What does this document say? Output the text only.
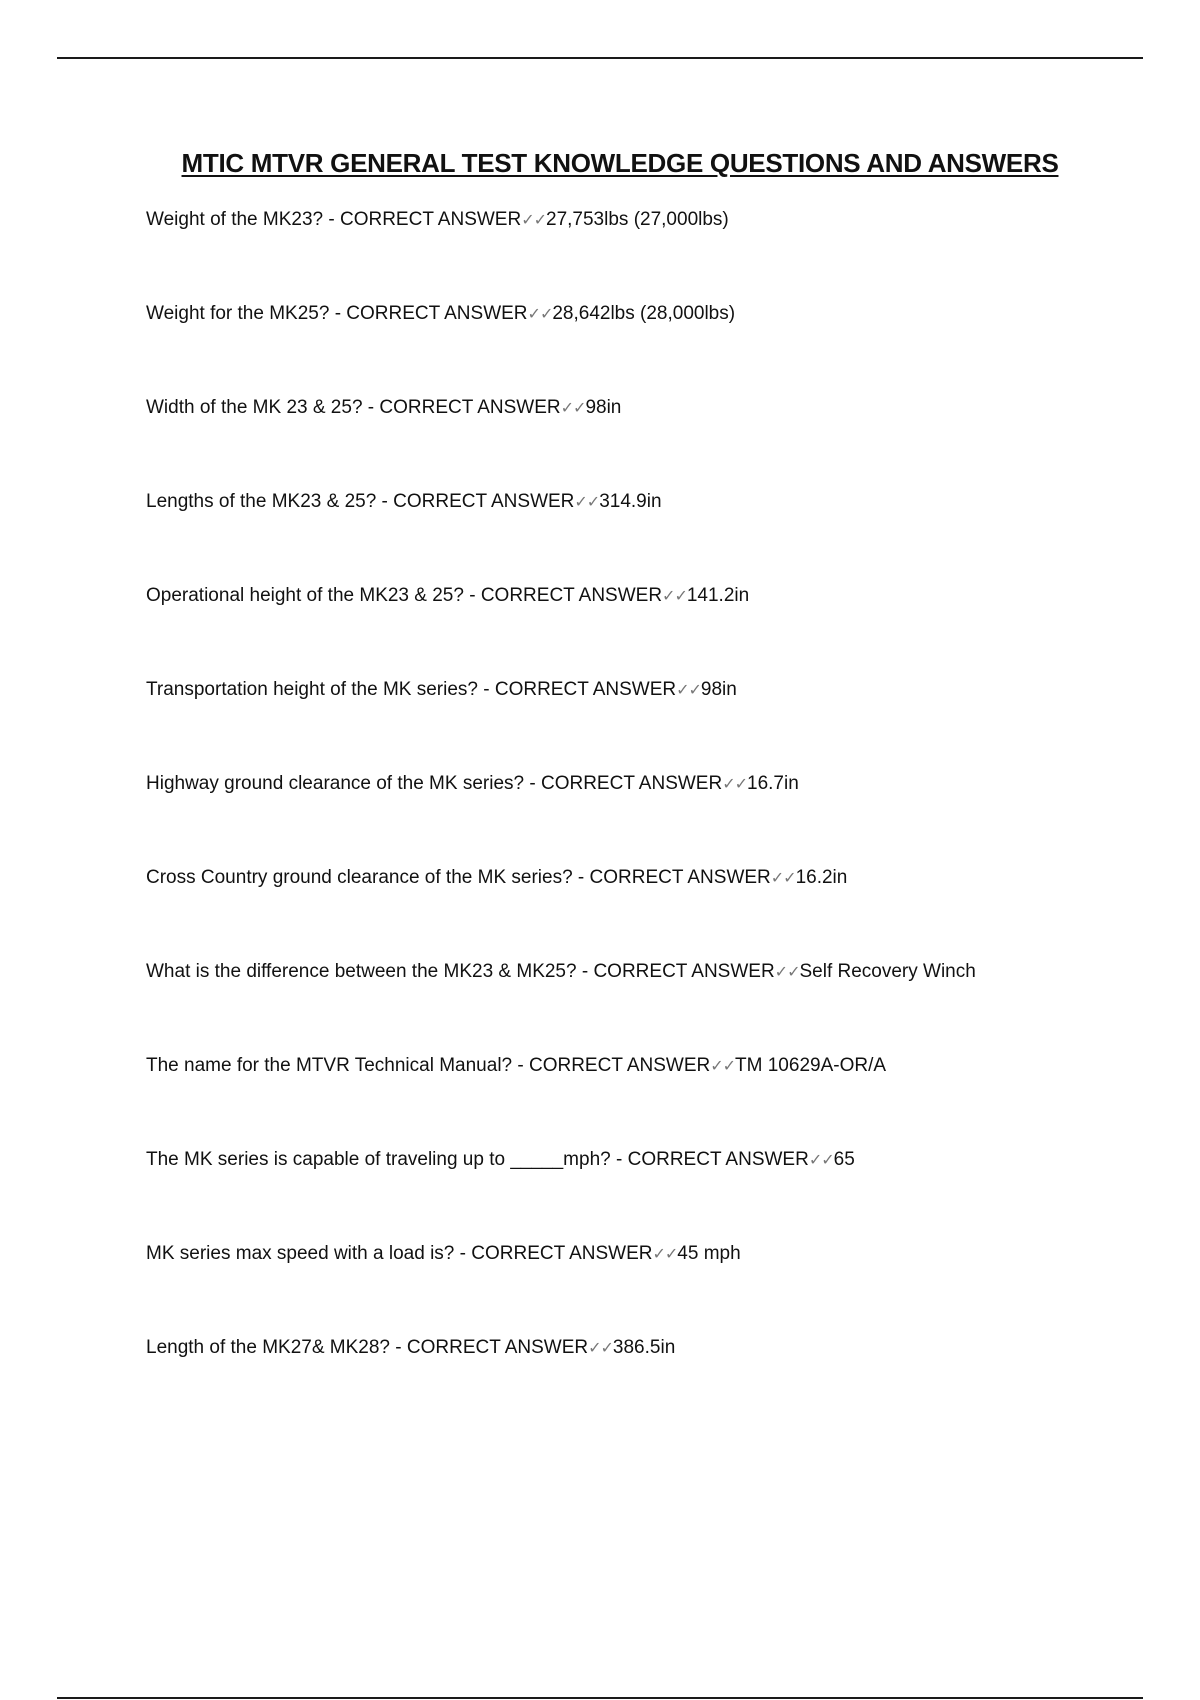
MTIC MTVR GENERAL TEST KNOWLEDGE QUESTIONS AND ANSWERS
Weight of the MK23? - CORRECT ANSWER✓✓27,753lbs (27,000lbs)
Weight for the MK25? - CORRECT ANSWER✓✓28,642lbs (28,000lbs)
Width of the MK 23 & 25? - CORRECT ANSWER✓✓98in
Lengths of the MK23 & 25? - CORRECT ANSWER✓✓314.9in
Operational height of the MK23 & 25? - CORRECT ANSWER✓✓141.2in
Transportation height of the MK series? - CORRECT ANSWER✓✓98in
Highway ground clearance of the MK series? - CORRECT ANSWER✓✓16.7in
Cross Country ground clearance of the MK series? - CORRECT ANSWER✓✓16.2in
What is the difference between the MK23 & MK25? - CORRECT ANSWER✓✓Self Recovery Winch
The name for the MTVR Technical Manual? - CORRECT ANSWER✓✓TM 10629A-OR/A
The MK series is capable of traveling up to _____mph? - CORRECT ANSWER✓✓65
MK series max speed with a load is? - CORRECT ANSWER✓✓45 mph
Length of the MK27& MK28? - CORRECT ANSWER✓✓386.5in
